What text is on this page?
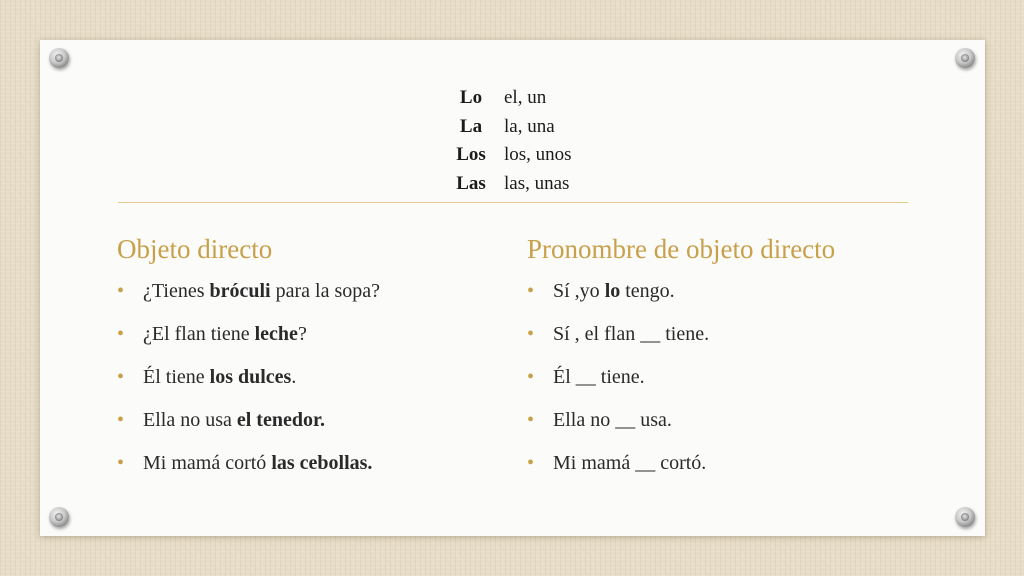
Lo	el, un
La	la, una
Los los, unos
Las las, unas
Objeto directo	Pronombre de objeto directo
• ¿Tienes bróculi para la sopa?
• ¿El flan tiene leche?
• Él tiene los dulces.
• Ella no usa el tenedor.
• Mi mamá cortó las cebollas.
• Sí ,yo lo tengo.
• Sí , el flan __ tiene.
• Él __ tiene.
• Ella no __ usa.
• Mi mamá __ cortó.
